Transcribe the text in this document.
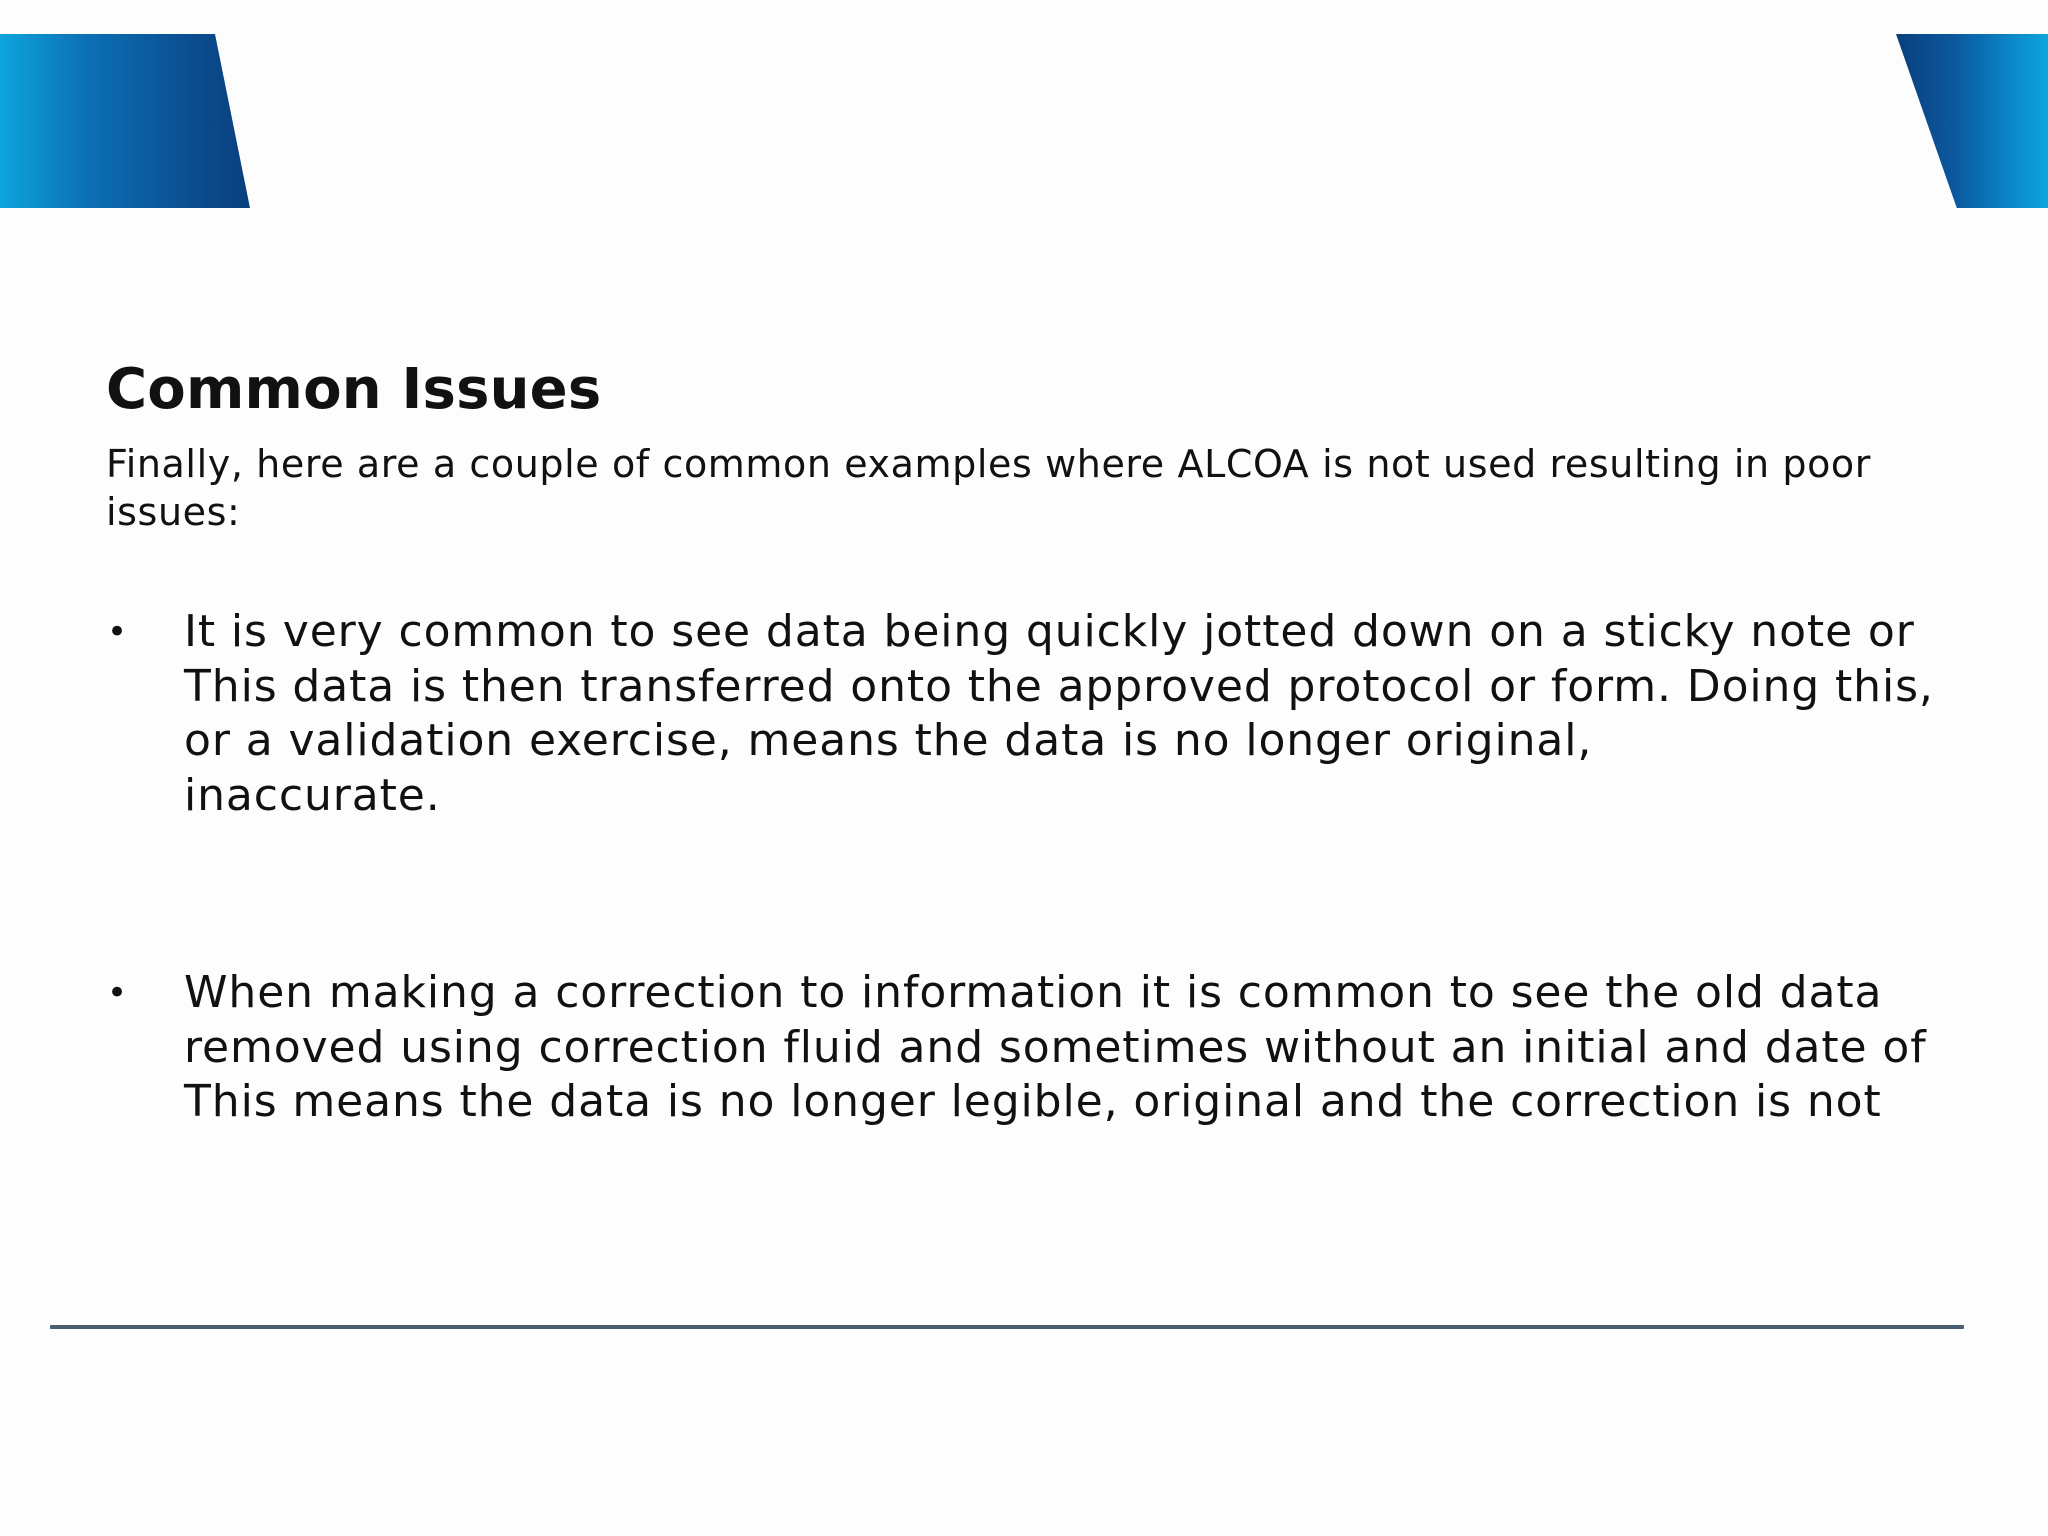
Common Issues

Finally, here are a couple of common examples where ALCOA is not used resulting in poor issues:

•	It is very common to see data being quickly jotted down on a sticky note or
This data is then transferred onto the approved protocol or form. Doing this,
or a validation exercise, means the data is no longer original,
inaccurate.
•	When making a correction to information it is common to see the old data
removed using correction fluid and sometimes without an initial and date of
This means the data is no longer legible, original and the correction is not
